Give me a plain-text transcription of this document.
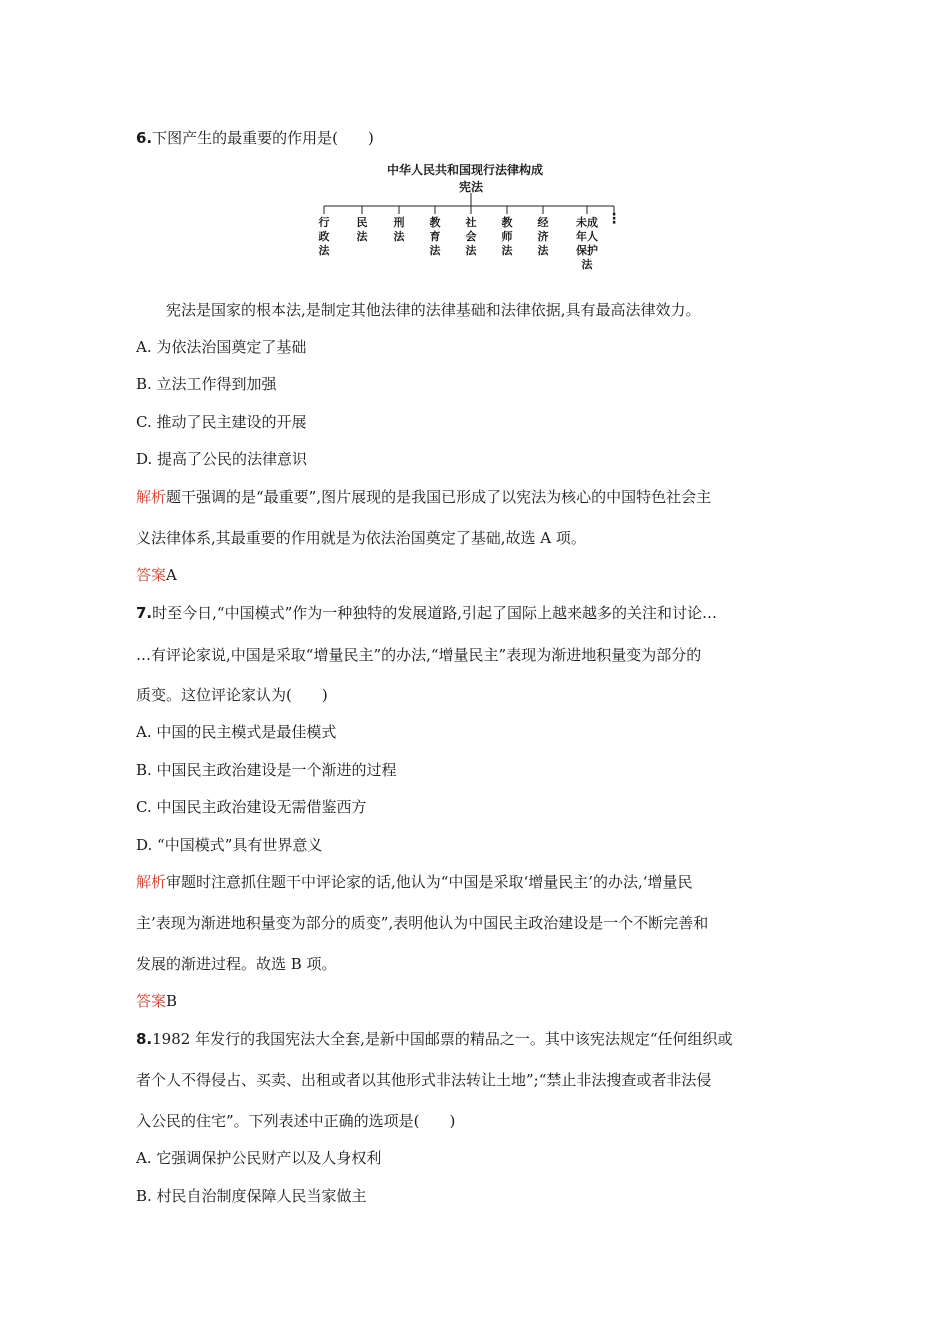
6.下图产生的最重要的作用是(　　)
中华人民共和国现行法律构成
宪法
行政法
民法
刑法
教育法
社会法
教师法
经济法
未成年人保护法
⋮
宪法是国家的根本法,是制定其他法律的法律基础和法律依据,具有最高法律效力。
A. 为依法治国奠定了基础
B. 立法工作得到加强
C. 推动了民主建设的开展
D. 提高了公民的法律意识
解析题干强调的是“最重要”,图片展现的是我国已形成了以宪法为核心的中国特色社会主
义法律体系,其最重要的作用就是为依法治国奠定了基础,故选 A 项。
答案A
7.时至今日,“中国模式”作为一种独特的发展道路,引起了国际上越来越多的关注和讨论…
…有评论家说,中国是采取“增量民主”的办法,“增量民主”表现为渐进地积量变为部分的
质变。这位评论家认为(　　)
A. 中国的民主模式是最佳模式
B. 中国民主政治建设是一个渐进的过程
C. 中国民主政治建设无需借鉴西方
D. “中国模式”具有世界意义
解析审题时注意抓住题干中评论家的话,他认为“中国是采取‘增量民主’的办法,‘增量民
主’表现为渐进地积量变为部分的质变”,表明他认为中国民主政治建设是一个不断完善和
发展的渐进过程。故选 B 项。
答案B
8.1982 年发行的我国宪法大全套,是新中国邮票的精品之一。其中该宪法规定“任何组织或
者个人不得侵占、买卖、出租或者以其他形式非法转让土地”;“禁止非法搜查或者非法侵
入公民的住宅”。下列表述中正确的选项是(　　)
A. 它强调保护公民财产以及人身权利
B. 村民自治制度保障人民当家做主
